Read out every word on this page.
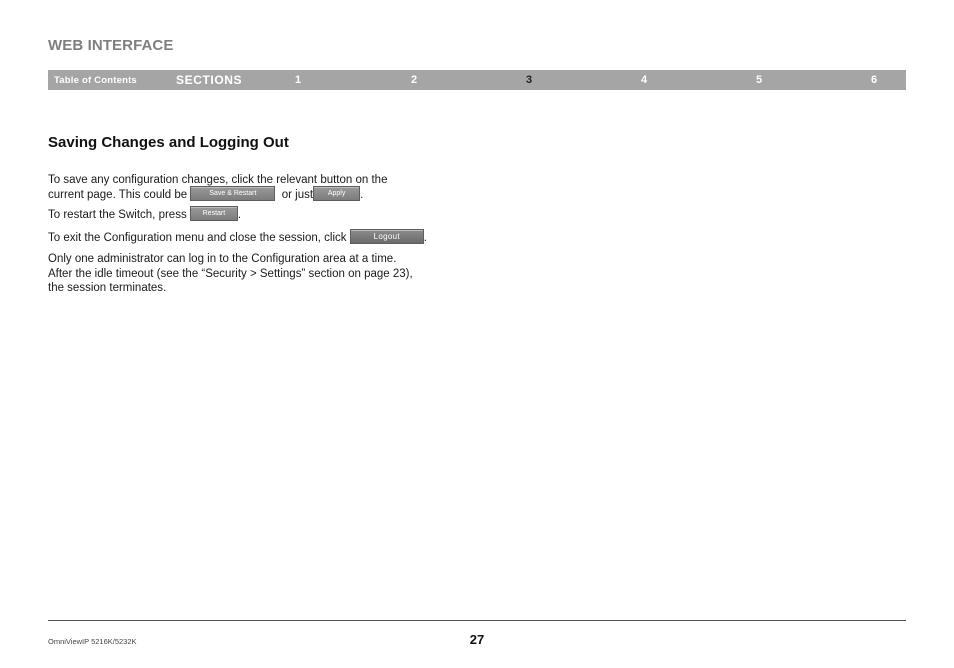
WEB INTERFACE
Table of Contents	SECTIONS	1	2	3	4	5	6
Saving Changes and Logging Out

To save any configuration changes, click the relevant button on the
current page. This could be	Save & Restart or just Apply .

To restart the Switch, press Restart .

To exit the Configuration menu and close the session, click	Logout .

Only one administrator can log in to the Configuration area at a time.
After the idle timeout (see the “Security > Settings” section on page 23),
the session terminates.

OmniViewIP 5216K/5232K	27
